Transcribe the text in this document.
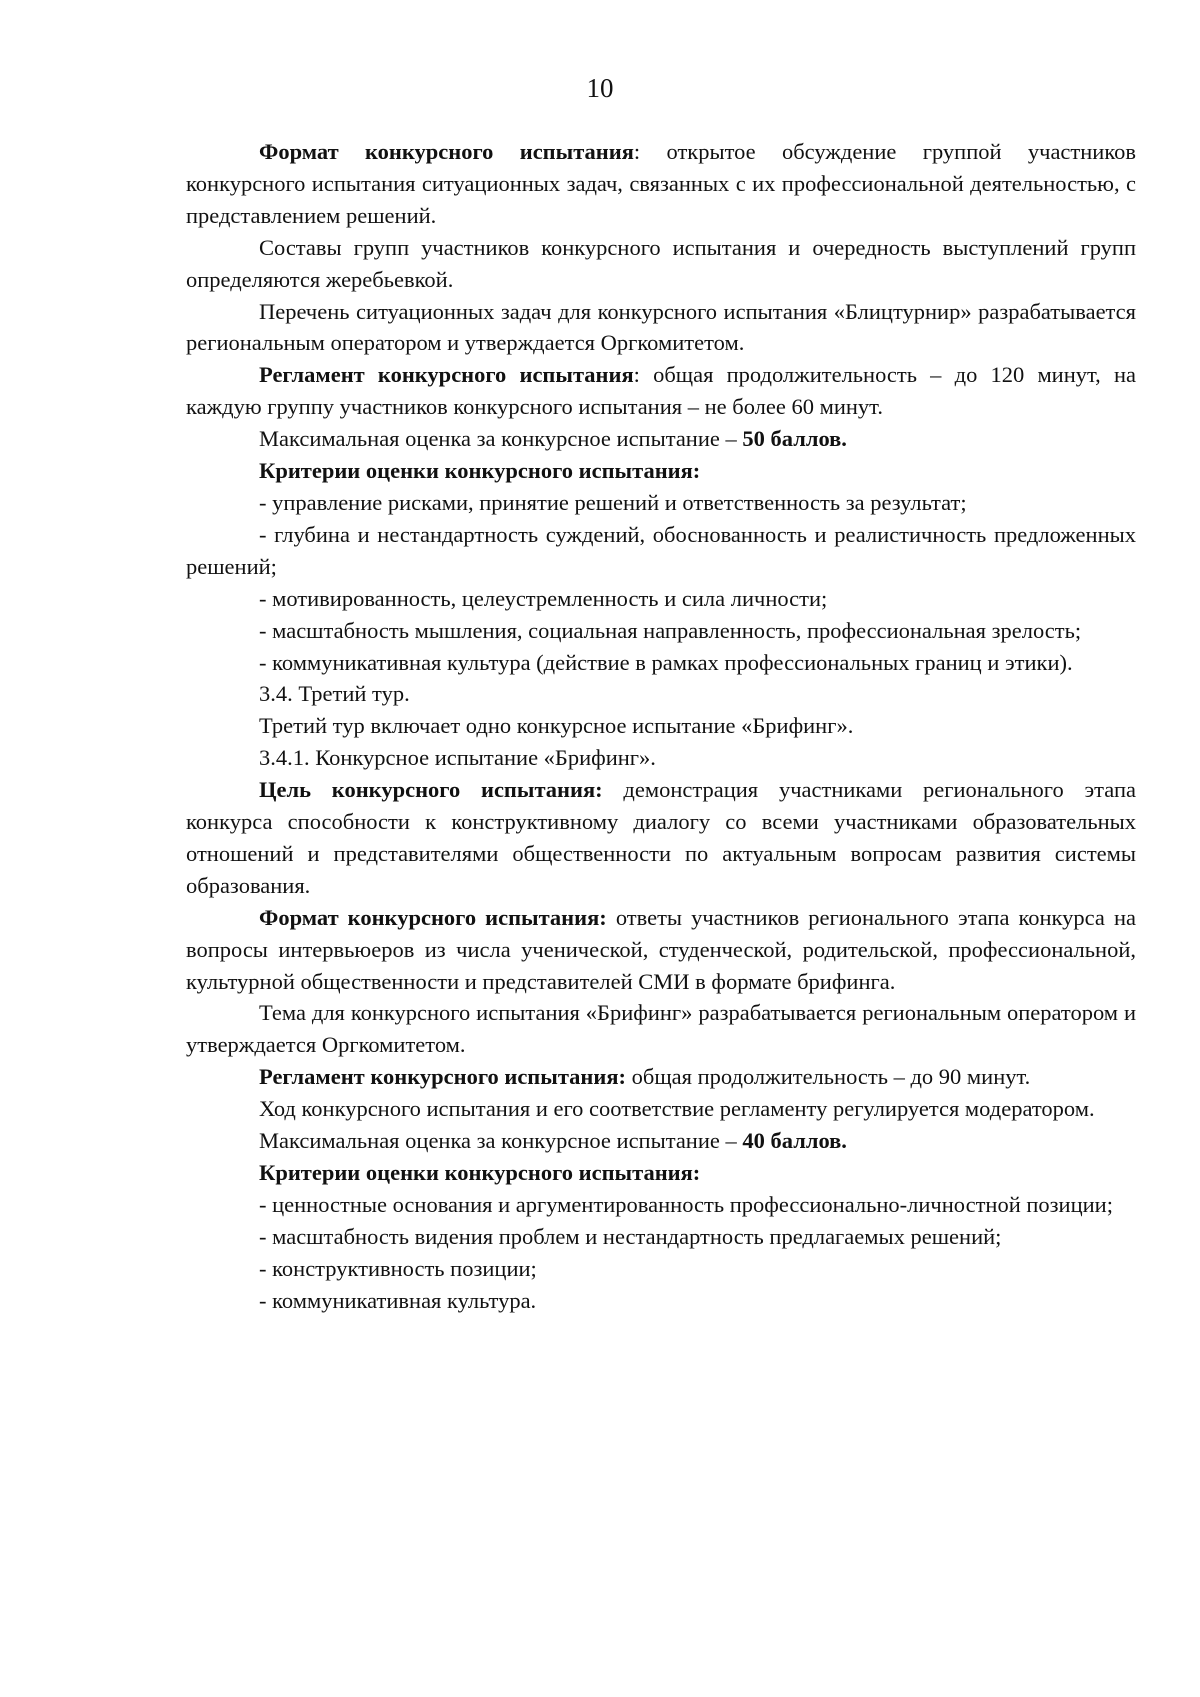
10

Формат конкурсного испытания: открытое обсуждение группой участников конкурсного испытания ситуационных задач, связанных с их профессиональной деятельностью, с представлением решений.

Составы групп участников конкурсного испытания и очередность выступлений групп определяются жеребьевкой.

Перечень ситуационных задач для конкурсного испытания «Блицтурнир» разрабатывается региональным оператором и утверждается Оргкомитетом.

Регламент конкурсного испытания: общая продолжительность – до 120 минут, на каждую группу участников конкурсного испытания – не более 60 минут.

Максимальная оценка за конкурсное испытание – 50 баллов.

Критерии оценки конкурсного испытания:

- управление рисками, принятие решений и ответственность за результат;

- глубина и нестандартность суждений, обоснованность и реалистичность предложенных решений;

- мотивированность, целеустремленность и сила личности;

- масштабность мышления, социальная направленность, профессиональная зрелость;

- коммуникативная культура (действие в рамках профессиональных границ и этики).

3.4. Третий тур.

Третий тур включает одно конкурсное испытание «Брифинг».

3.4.1. Конкурсное испытание «Брифинг».

Цель конкурсного испытания: демонстрация участниками регионального этапа конкурса способности к конструктивному диалогу со всеми участниками образовательных отношений и представителями общественности по актуальным вопросам развития системы образования.

Формат конкурсного испытания: ответы участников регионального этапа конкурса на вопросы интервьюеров из числа ученической, студенческой, родительской, профессиональной, культурной общественности и представителей СМИ в формате брифинга.

Тема для конкурсного испытания «Брифинг» разрабатывается региональным оператором и утверждается Оргкомитетом.

Регламент конкурсного испытания: общая продолжительность – до 90 минут.

Ход конкурсного испытания и его соответствие регламенту регулируется модератором.

Максимальная оценка за конкурсное испытание – 40 баллов.

Критерии оценки конкурсного испытания:

- ценностные основания и аргументированность профессионально-личностной позиции;

- масштабность видения проблем и нестандартность предлагаемых решений;

- конструктивность позиции;

- коммуникативная культура.
